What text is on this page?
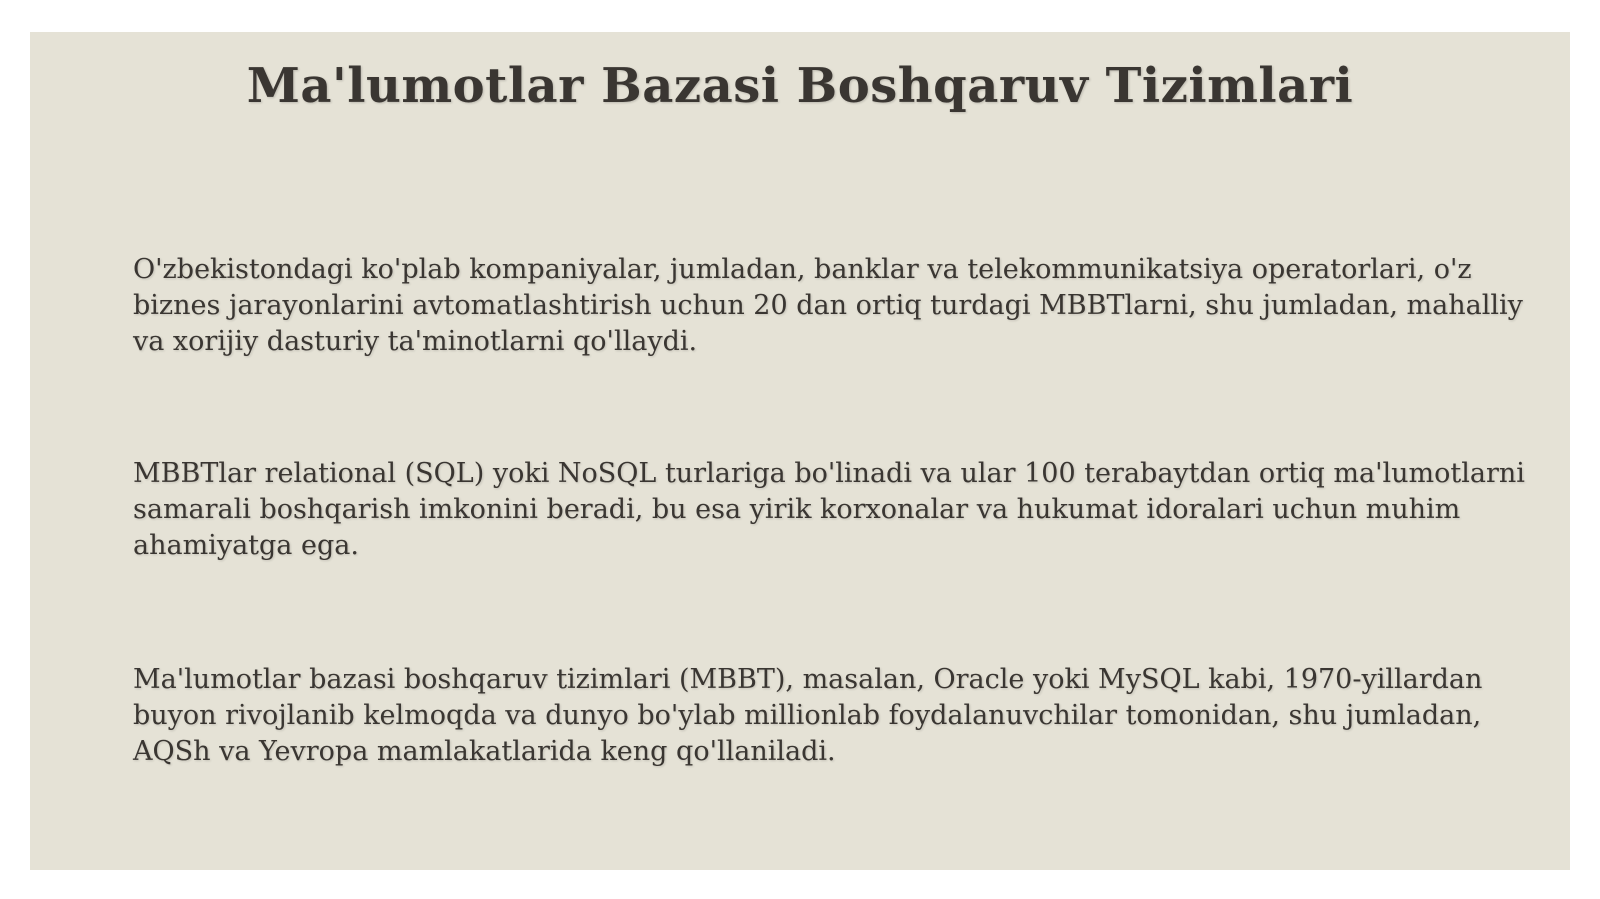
Ma'lumotlar Bazasi Boshqaruv Tizimlari

O'zbekistondagi ko'plab kompaniyalar, jumladan, banklar va telekommunikatsiya operatorlari, o'z biznes jarayonlarini avtomatlashtirish uchun 20 dan ortiq turdagi MBBTlarni, shu jumladan, mahalliy va xorijiy dasturiy ta'minotlarni qo'llaydi.

MBBTlar relational (SQL) yoki NoSQL turlariga bo'linadi va ular 100 terabaytdan ortiq ma'lumotlarni samarali boshqarish imkonini beradi, bu esa yirik korxonalar va hukumat idoralari uchun muhim ahamiyatga ega.

Ma'lumotlar bazasi boshqaruv tizimlari (MBBT), masalan, Oracle yoki MySQL kabi, 1970-yillardan buyon rivojlanib kelmoqda va dunyo bo'ylab millionlab foydalanuvchilar tomonidan, shu jumladan, AQSh va Yevropa mamlakatlarida keng qo'llaniladi.
